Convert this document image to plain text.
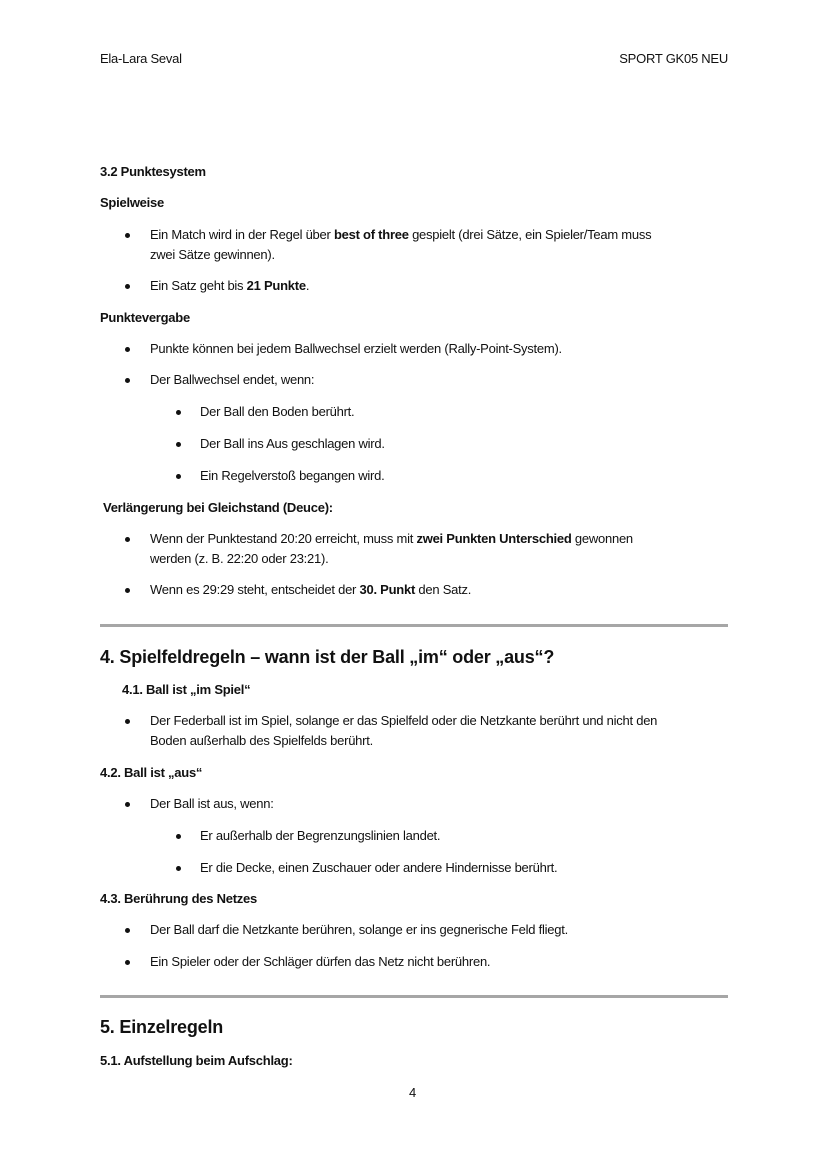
Ela-Lara Seval	SPORT GK05 NEU
3.2 Punktesystem
Spielweise
Ein Match wird in der Regel über best of three gespielt (drei Sätze, ein Spieler/Team muss
zwei Sätze gewinnen).
Ein Satz geht bis 21 Punkte.
Punktevergabe
Punkte können bei jedem Ballwechsel erzielt werden (Rally-Point-System).
Der Ballwechsel endet, wenn:
Der Ball den Boden berührt.
Der Ball ins Aus geschlagen wird.
Ein Regelverstoß begangen wird.
Verlängerung bei Gleichstand (Deuce):
Wenn der Punktestand 20:20 erreicht, muss mit zwei Punkten Unterschied gewonnen
werden (z. B. 22:20 oder 23:21).
Wenn es 29:29 steht, entscheidet der 30. Punkt den Satz.
4. Spielfeldregeln – wann ist der Ball „im“ oder „aus“?
4.1. Ball ist „im Spiel“
Der Federball ist im Spiel, solange er das Spielfeld oder die Netzkante berührt und nicht den
Boden außerhalb des Spielfelds berührt.
4.2. Ball ist „aus“
Der Ball ist aus, wenn:
Er außerhalb der Begrenzungslinien landet.
Er die Decke, einen Zuschauer oder andere Hindernisse berührt.
4.3. Berührung des Netzes
Der Ball darf die Netzkante berühren, solange er ins gegnerische Feld fliegt.
Ein Spieler oder der Schläger dürfen das Netz nicht berühren.
5. Einzelregeln
5.1. Aufstellung beim Aufschlag:
4
